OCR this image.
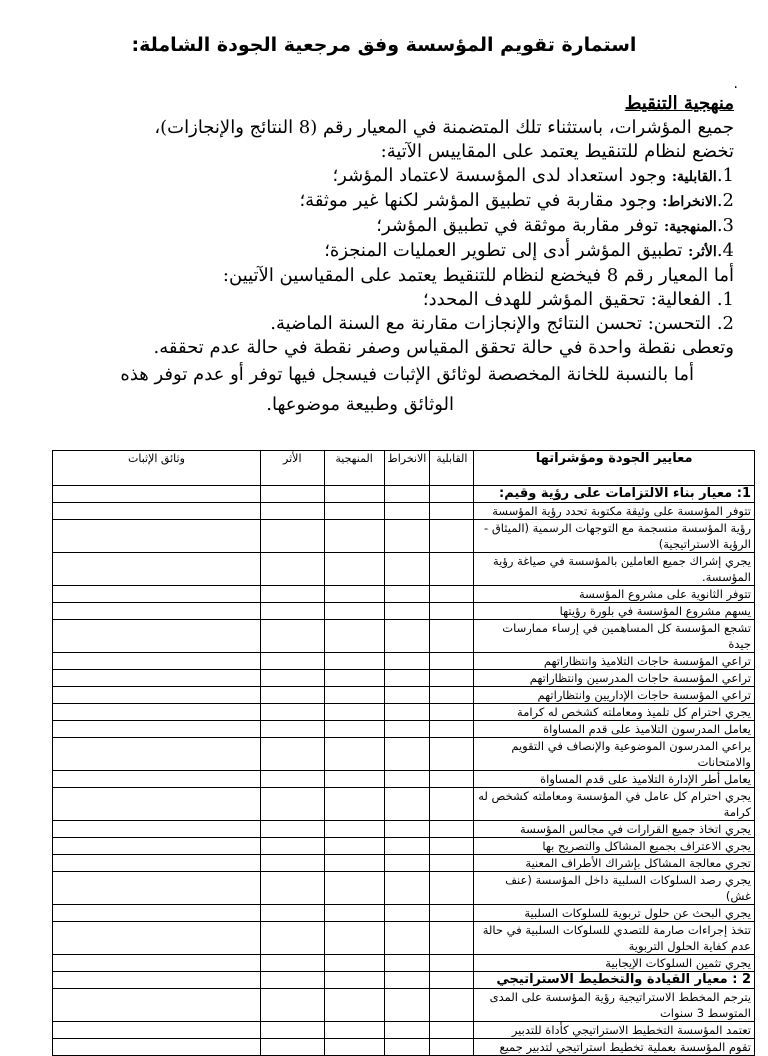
استمارة تقويم المؤسسة وفق مرجعية الجودة الشاملة:
.
منهجية التنقيط
جميع المؤشرات، باستثناء تلك المتضمنة في المعيار رقم (8 النتائج والإنجازات)،
تخضع لنظام للتنقيط يعتمد على المقاييس الآتية:
1.القابلية: وجود استعداد لدى المؤسسة لاعتماد المؤشر؛
2.الانخراط: وجود مقاربة في تطبيق المؤشر لكنها غير موثقة؛
3.المنهجية: توفر مقاربة موثقة في تطبيق المؤشر؛
4.الأثر: تطبيق المؤشر أدى إلى تطوير العمليات المنجزة؛
أما المعيار رقم 8 فيخضع لنظام للتنقيط يعتمد على المقياسين الآتيين:
1. الفعالية: تحقيق المؤشر للهدف المحدد؛
2. التحسن: تحسن النتائج والإنجازات مقارنة مع السنة الماضية.
وتعطى نقطة واحدة في حالة تحقق المقياس وصفر نقطة في حالة عدم تحققه.
أما بالنسبة للخانة المخصصة لوثائق الإثبات فيسجل فيها توفر أو عدم توفر هذه
الوثائق وطبيعة موضوعها.
معايير الجودة ومؤشراتها	القابلية	الانخراط	المنهجية	الأثر	وثائق الإثبات
1: معيار بناء الالتزامات على رؤية وقيم:					
تتوفر المؤسسة على وثيقة مكتوبة تحدد رؤية المؤسسة					
رؤية المؤسسة منسجمة مع التوجهات الرسمية (الميثاق - الرؤية الاستراتيجية)					
يجري إشراك جميع العاملين بالمؤسسة في صياغة رؤية المؤسسة.					
تتوفر الثانوية على مشروع المؤسسة					
يسهم مشروع المؤسسة في بلورة رؤيتها					
تشجع المؤسسة كل المساهمين في إرساء ممارسات جيدة					
تراعي المؤسسة حاجات التلاميذ وانتظاراتهم					
تراعي المؤسسة حاجات المدرسين وانتظاراتهم					
تراعي المؤسسة حاجات الإداريين وانتظاراتهم					
يجري احترام كل تلميذ ومعاملته كشخص له كرامة					
يعامل المدرسون التلاميذ على قدم المساواة					
يراعي المدرسون الموضوعية والإنصاف في التقويم والامتحانات					
يعامل أطر الإدارة التلاميذ على قدم المساواة					
يجري احترام كل عامل في المؤسسة ومعاملته كشخص له كرامة					
يجري اتخاذ جميع القرارات في مجالس المؤسسة					
يجري الاعتراف بجميع المشاكل والتصريح بها					
تجري معالجة المشاكل بإشراك الأطراف المعنية					
يجري رصد السلوكات السلبية داخل المؤسسة (عنف غش)					
يجري البحث عن حلول تربوية للسلوكات السلبية					
تتخذ إجراءات صارمة للتصدي للسلوكات السلبية في حالة عدم كفاية الحلول التربوية					
يجري تثمين السلوكات الإيجابية					
2 : معيار القيادة والتخطيط الاستراتيجي					
يترجم المخطط الاستراتيجية رؤية المؤسسة على المدى المتوسط 3 سنوات					
تعتمد المؤسسة التخطيط الاستراتيجي كأداة للتدبير					
تقوم المؤسسة بعملية تخطيط استراتيجي لتدبير جميع					
